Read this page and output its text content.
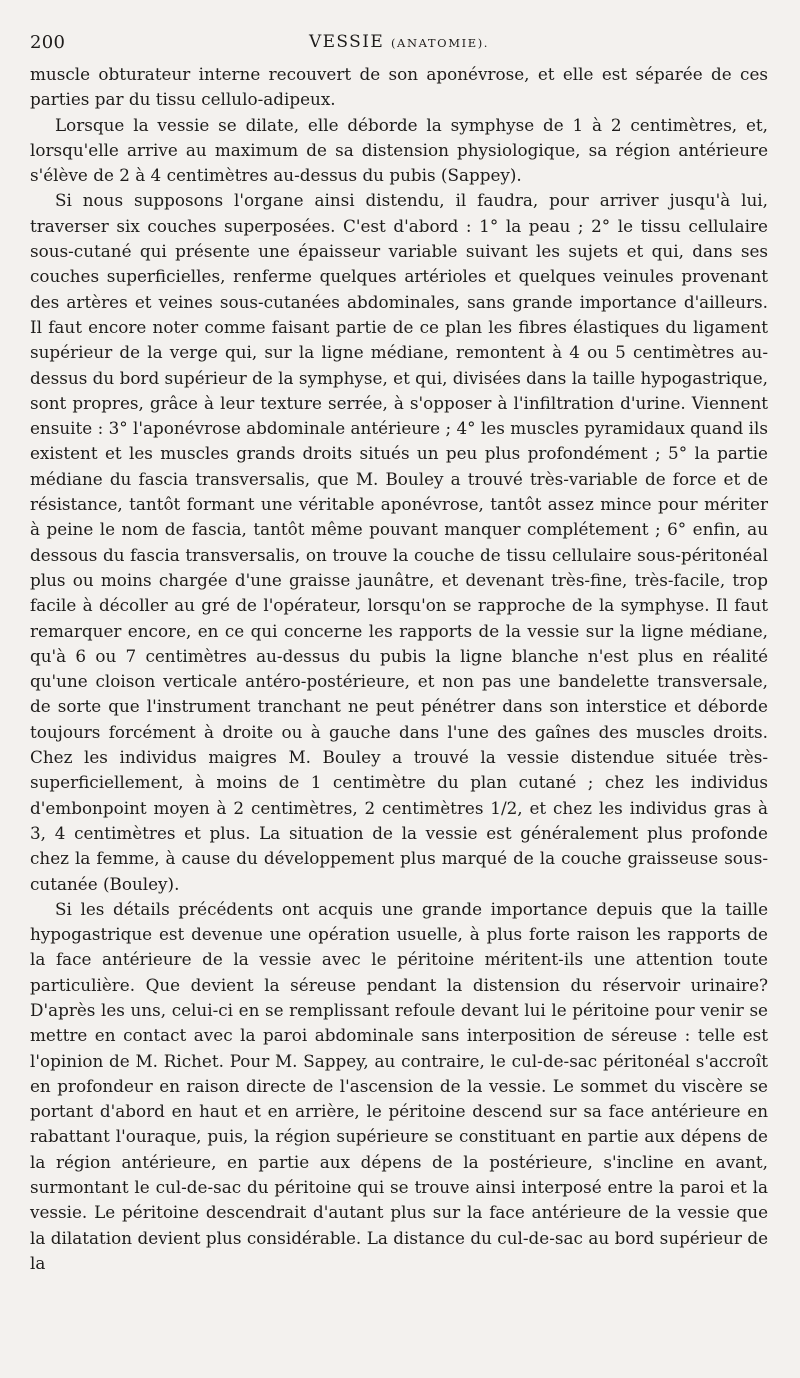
200	VESSIE (ANATOMIE).

muscle obturateur interne recouvert de son aponévrose, et elle est séparée de ces parties par du tissu cellulo-adipeux.

Lorsque la vessie se dilate, elle déborde la symphyse de 1 à 2 centimètres, et, lorsqu'elle arrive au maximum de sa distension physiologique, sa région antérieure s'élève de 2 à 4 centimètres au-dessus du pubis (Sappey).

Si nous supposons l'organe ainsi distendu, il faudra, pour arriver jusqu'à lui, traverser six couches superposées. C'est d'abord : 1° la peau ; 2° le tissu cellulaire sous-cutané qui présente une épaisseur variable suivant les sujets et qui, dans ses couches superficielles, renferme quelques artérioles et quelques veinules provenant des artères et veines sous-cutanées abdominales, sans grande importance d'ailleurs. Il faut encore noter comme faisant partie de ce plan les fibres élastiques du ligament supérieur de la verge qui, sur la ligne médiane, remontent à 4 ou 5 centimètres au-dessus du bord supérieur de la symphyse, et qui, divisées dans la taille hypogastrique, sont propres, grâce à leur texture serrée, à s'opposer à l'infiltration d'urine. Viennent ensuite : 3° l'aponévrose abdominale antérieure ; 4° les muscles pyramidaux quand ils existent et les muscles grands droits situés un peu plus profondément ; 5° la partie médiane du fascia transversalis, que M. Bouley a trouvé très-variable de force et de résistance, tantôt formant une véritable aponévrose, tantôt assez mince pour mériter à peine le nom de fascia, tantôt même pouvant manquer complétement ; 6° enfin, au dessous du fascia transversalis, on trouve la couche de tissu cellulaire sous-péritonéal plus ou moins chargée d'une graisse jaunâtre, et devenant très-fine, très-facile, trop facile à décoller au gré de l'opérateur, lorsqu'on se rapproche de la symphyse. Il faut remarquer encore, en ce qui concerne les rapports de la vessie sur la ligne médiane, qu'à 6 ou 7 centimètres au-dessus du pubis la ligne blanche n'est plus en réalité qu'une cloison verticale antéro-postérieure, et non pas une bandelette transversale, de sorte que l'instrument tranchant ne peut pénétrer dans son interstice et déborde toujours forcément à droite ou à gauche dans l'une des gaînes des muscles droits. Chez les individus maigres M. Bouley a trouvé la vessie distendue située très-superficiellement, à moins de 1 centimètre du plan cutané ; chez les individus d'embonpoint moyen à 2 centimètres, 2 centimètres 1/2, et chez les individus gras à 3, 4 centimètres et plus. La situation de la vessie est généralement plus profonde chez la femme, à cause du développement plus marqué de la couche graisseuse sous-cutanée (Bouley).

Si les détails précédents ont acquis une grande importance depuis que la taille hypogastrique est devenue une opération usuelle, à plus forte raison les rapports de la face antérieure de la vessie avec le péritoine méritent-ils une attention toute particulière. Que devient la séreuse pendant la distension du réservoir urinaire? D'après les uns, celui-ci en se remplissant refoule devant lui le péritoine pour venir se mettre en contact avec la paroi abdominale sans interposition de séreuse : telle est l'opinion de M. Richet. Pour M. Sappey, au contraire, le cul-de-sac péritonéal s'accroît en profondeur en raison directe de l'ascension de la vessie. Le sommet du viscère se portant d'abord en haut et en arrière, le péritoine descend sur sa face antérieure en rabattant l'ouraque, puis, la région supérieure se constituant en partie aux dépens de la région antérieure, en partie aux dépens de la postérieure, s'incline en avant, surmontant le cul-de-sac du péritoine qui se trouve ainsi interposé entre la paroi et la vessie. Le péritoine descendrait d'autant plus sur la face antérieure de la vessie que la dilatation devient plus considérable. La distance du cul-de-sac au bord supérieur de la
